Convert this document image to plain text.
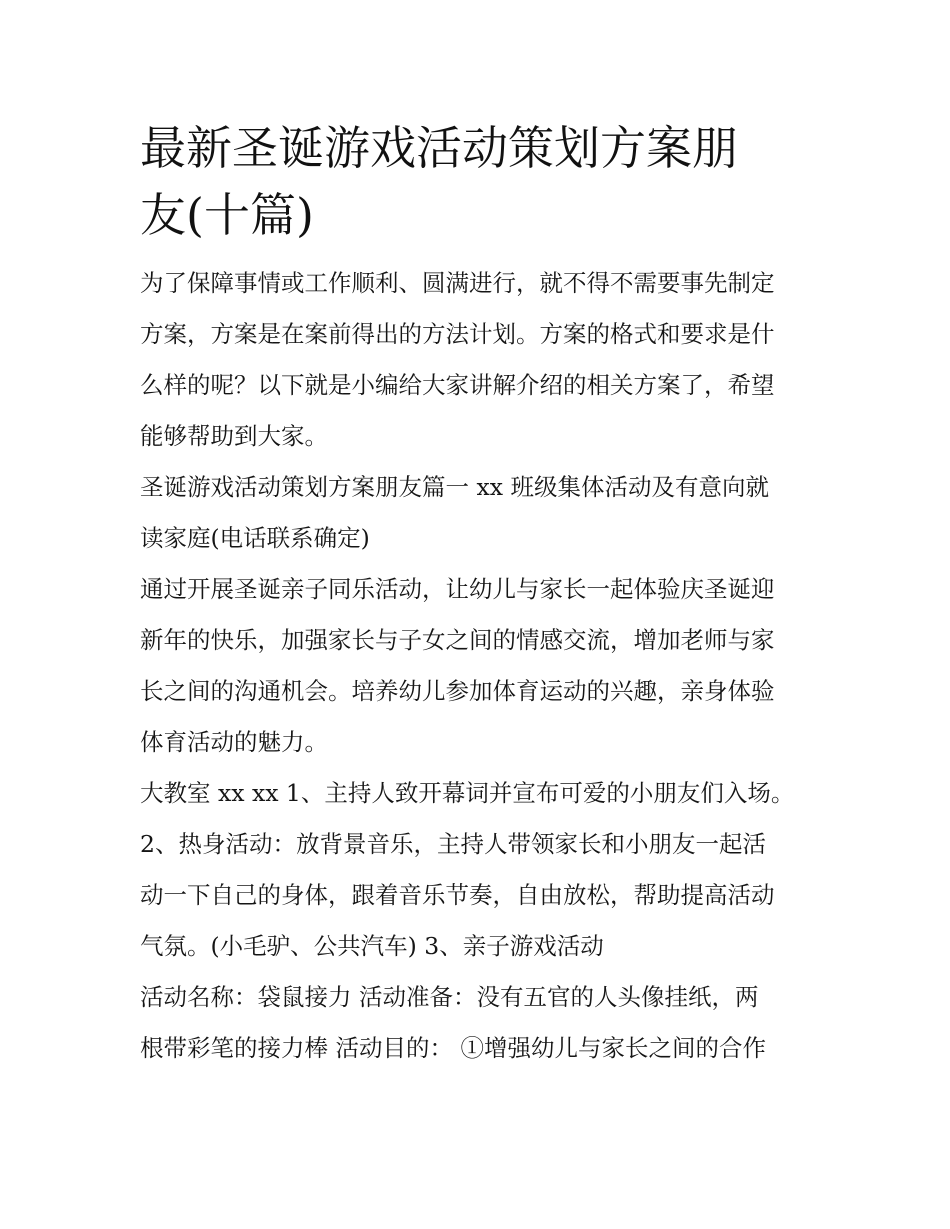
最新圣诞游戏活动策划方案朋
友(十篇)

为了保障事情或工作顺利、圆满进行，就不得不需要事先制定
方案，方案是在案前得出的方法计划。方案的格式和要求是什
么样的呢？以下就是小编给大家讲解介绍的相关方案了，希望
能够帮助到大家。

圣诞游戏活动策划方案朋友篇一 xx 班级集体活动及有意向就
读家庭(电话联系确定)

通过开展圣诞亲子同乐活动，让幼儿与家长一起体验庆圣诞迎
新年的快乐，加强家长与子女之间的情感交流，增加老师与家
长之间的沟通机会。培养幼儿参加体育运动的兴趣，亲身体验
体育活动的魅力。

大教室 xx xx 1、主持人致开幕词并宣布可爱的小朋友们入场。
2、热身活动：放背景音乐，主持人带领家长和小朋友一起活
动一下自己的身体，跟着音乐节奏，自由放松，帮助提高活动
气氛。(小毛驴、公共汽车) 3、亲子游戏活动

活动名称：袋鼠接力 活动准备：没有五官的人头像挂纸，两
根带彩笔的接力棒 活动目的： ①增强幼儿与家长之间的合作
